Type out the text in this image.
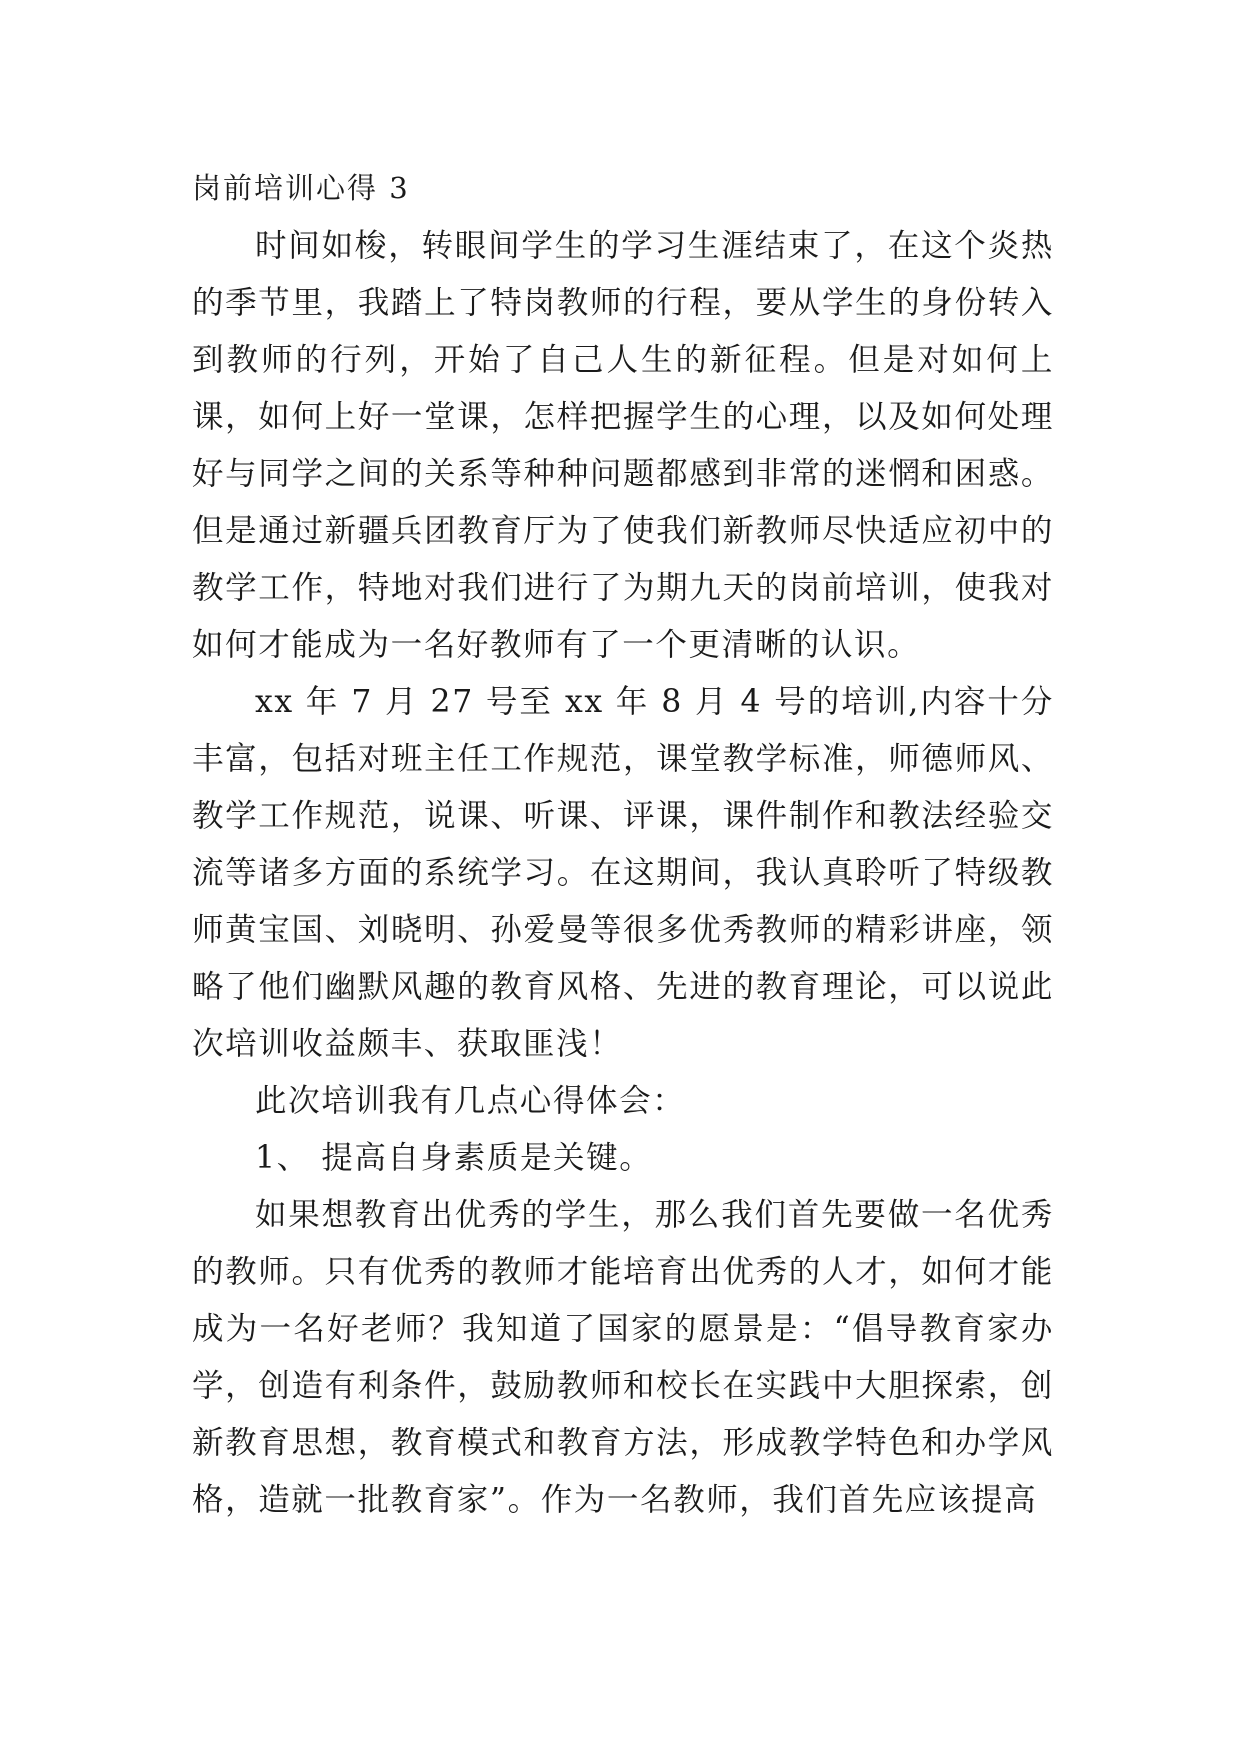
岗前培训心得 3

时间如梭，转眼间学生的学习生涯结束了，在这个炎热的季节里，我踏上了特岗教师的行程，要从学生的身份转入到教师的行列，开始了自己人生的新征程。但是对如何上课，如何上好一堂课，怎样把握学生的心理，以及如何处理好与同学之间的关系等种种问题都感到非常的迷惘和困惑。但是通过新疆兵团教育厅为了使我们新教师尽快适应初中的教学工作，特地对我们进行了为期九天的岗前培训，使我对如何才能成为一名好教师有了一个更清晰的认识。

xx 年 7 月 27 号至 xx 年 8 月 4 号的培训,内容十分丰富，包括对班主任工作规范，课堂教学标准，师德师风、教学工作规范，说课、听课、评课，课件制作和教法经验交流等诸多方面的系统学习。在这期间，我认真聆听了特级教师黄宝国、刘晓明、孙爱曼等很多优秀教师的精彩讲座，领略了他们幽默风趣的教育风格、先进的教育理论，可以说此次培训收益颇丰、获取匪浅！

此次培训我有几点心得体会：

1、 提高自身素质是关键。

如果想教育出优秀的学生，那么我们首先要做一名优秀的教师。只有优秀的教师才能培育出优秀的人才，如何才能成为一名好老师？我知道了国家的愿景是：“倡导教育家办学，创造有利条件，鼓励教师和校长在实践中大胆探索，创新教育思想，教育模式和教育方法，形成教学特色和办学风格，造就一批教育家”。作为一名教师，我们首先应该提高
